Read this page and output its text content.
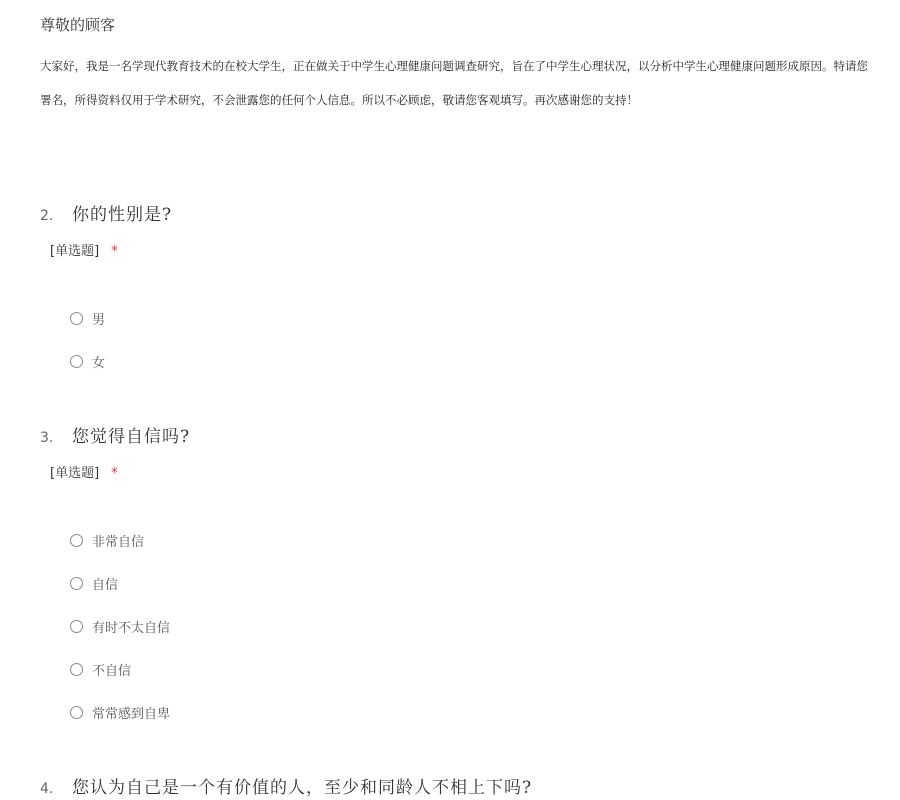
尊敬的顾客
大家好，我是一名学现代教育技术的在校大学生，正在做关于中学生心理健康问题调查研究，旨在了中学生心理状况，以分析中学生心理健康问题形成原因。特请您
署名，所得资料仅用于学术研究，不会泄露您的任何个人信息。所以不必顾虑，敬请您客观填写。再次感谢您的支持！
2.	你的性别是?
[单选题] *
男
女
3.	您觉得自信吗?
[单选题] *
非常自信
自信
有时不太自信
不自信
常常感到自卑
4.	您认为自己是一个有价值的人，至少和同龄人不相上下吗?
